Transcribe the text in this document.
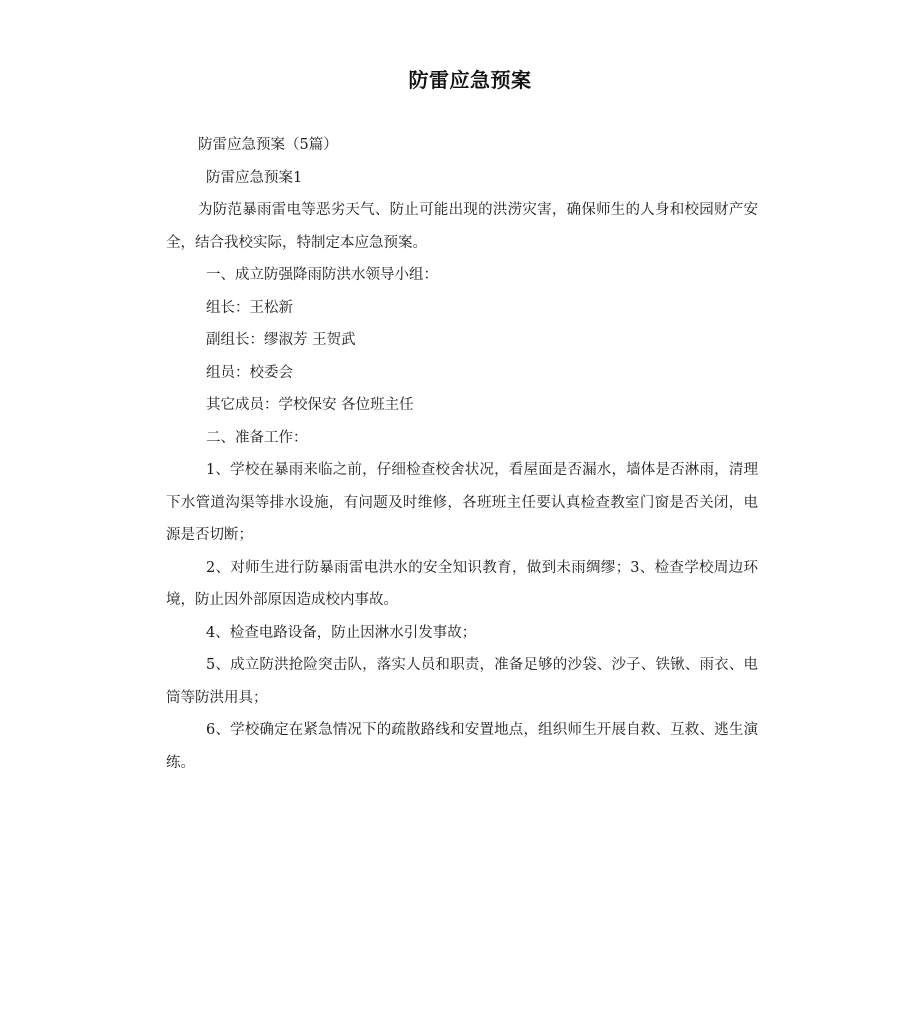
防雷应急预案

防雷应急预案（5篇）

防雷应急预案1

为防范暴雨雷电等恶劣天气、防止可能出现的洪涝灾害，确保师生的人身和校园财产安全，结合我校实际，特制定本应急预案。

一、成立防强降雨防洪水领导小组：

组长：王松新

副组长：缪淑芳 王贺武

组员：校委会

其它成员：学校保安 各位班主任

二、准备工作：

1、学校在暴雨来临之前，仔细检查校舍状况，看屋面是否漏水，墙体是否淋雨，清理下水管道沟渠等排水设施，有问题及时维修，各班班主任要认真检查教室门窗是否关闭，电源是否切断；

2、对师生进行防暴雨雷电洪水的安全知识教育，做到未雨绸缪；3、检查学校周边环境，防止因外部原因造成校内事故。

4、检查电路设备，防止因淋水引发事故；

5、成立防洪抢险突击队，落实人员和职责，准备足够的沙袋、沙子、铁锹、雨衣、电筒等防洪用具；

6、学校确定在紧急情况下的疏散路线和安置地点，组织师生开展自救、互救、逃生演练。
